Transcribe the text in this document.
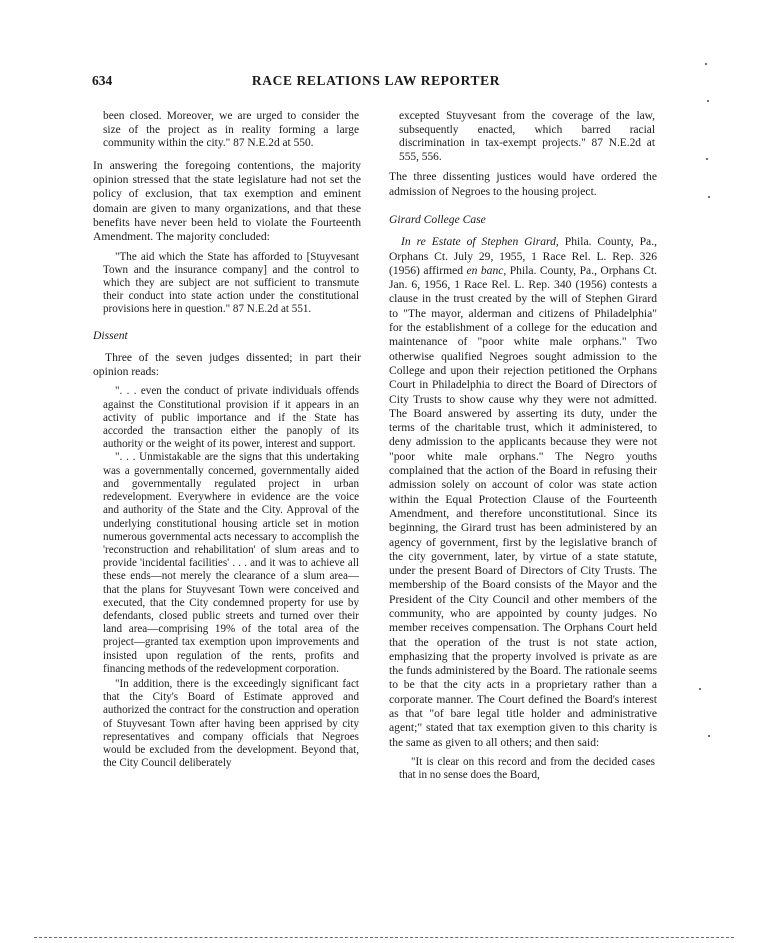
634	RACE RELATIONS LAW REPORTER

been closed. Moreover, we are urged to consider the size of the project as in reality forming a large community within the city." 87 N.E.2d at 550.

In answering the foregoing contentions, the majority opinion stressed that the state legislature had not set the policy of exclusion, that tax exemption and eminent domain are given to many organizations, and that these benefits have never been held to violate the Fourteenth Amendment. The majority concluded:

"The aid which the State has afforded to [Stuyvesant Town and the insurance company] and the control to which they are subject are not sufficient to transmute their conduct into state action under the constitutional provisions here in question." 87 N.E.2d at 551.

Dissent

Three of the seven judges dissented; in part their opinion reads:

". . . even the conduct of private individuals offends against the Constitutional provision if it appears in an activity of public importance and if the State has accorded the transaction either the panoply of its authority or the weight of its power, interest and support.

". . . Unmistakable are the signs that this undertaking was a governmentally concerned, governmentally aided and governmentally regulated project in urban redevelopment. Everywhere in evidence are the voice and authority of the State and the City. Approval of the underlying constitutional housing article set in motion numerous governmental acts necessary to accomplish the 'reconstruction and rehabilitation' of slum areas and to provide 'incidental facilities' . . . and it was to achieve all these ends—not merely the clearance of a slum area—that the plans for Stuyvesant Town were conceived and executed, that the City condemned property for use by defendants, closed public streets and turned over their land area—comprising 19% of the total area of the project—granted tax exemption upon improvements and insisted upon regulation of the rents, profits and financing methods of the redevelopment corporation.

"In addition, there is the exceedingly significant fact that the City's Board of Estimate approved and authorized the contract for the construction and operation of Stuyvesant Town after having been apprised by city representatives and company officials that Negroes would be excluded from the development. Beyond that, the City Council deliberately

excepted Stuyvesant from the coverage of the law, subsequently enacted, which barred racial discrimination in tax-exempt projects." 87 N.E.2d at 555, 556.

The three dissenting justices would have ordered the admission of Negroes to the housing project.

Girard College Case

In re Estate of Stephen Girard, Phila. County, Pa., Orphans Ct. July 29, 1955, 1 Race Rel. L. Rep. 326 (1956) affirmed en banc, Phila. County, Pa., Orphans Ct. Jan. 6, 1956, 1 Race Rel. L. Rep. 340 (1956) contests a clause in the trust created by the will of Stephen Girard to "The mayor, alderman and citizens of Philadelphia" for the establishment of a college for the education and maintenance of "poor white male orphans." Two otherwise qualified Negroes sought admission to the College and upon their rejection petitioned the Orphans Court in Philadelphia to direct the Board of Directors of City Trusts to show cause why they were not admitted. The Board answered by asserting its duty, under the terms of the charitable trust, which it administered, to deny admission to the applicants because they were not "poor white male orphans." The Negro youths complained that the action of the Board in refusing their admission solely on account of color was state action within the Equal Protection Clause of the Fourteenth Amendment, and therefore unconstitutional. Since its beginning, the Girard trust has been administered by an agency of government, first by the legislative branch of the city government, later, by virtue of a state statute, under the present Board of Directors of City Trusts. The membership of the Board consists of the Mayor and the President of the City Council and other members of the community, who are appointed by county judges. No member receives compensation. The Orphans Court held that the operation of the trust is not state action, emphasizing that the property involved is private as are the funds administered by the Board. The rationale seems to be that the city acts in a proprietary rather than a corporate manner. The Court defined the Board's interest as that "of bare legal title holder and administrative agent;" stated that tax exemption given to this charity is the same as given to all others; and then said:

"It is clear on this record and from the decided cases that in no sense does the Board,
